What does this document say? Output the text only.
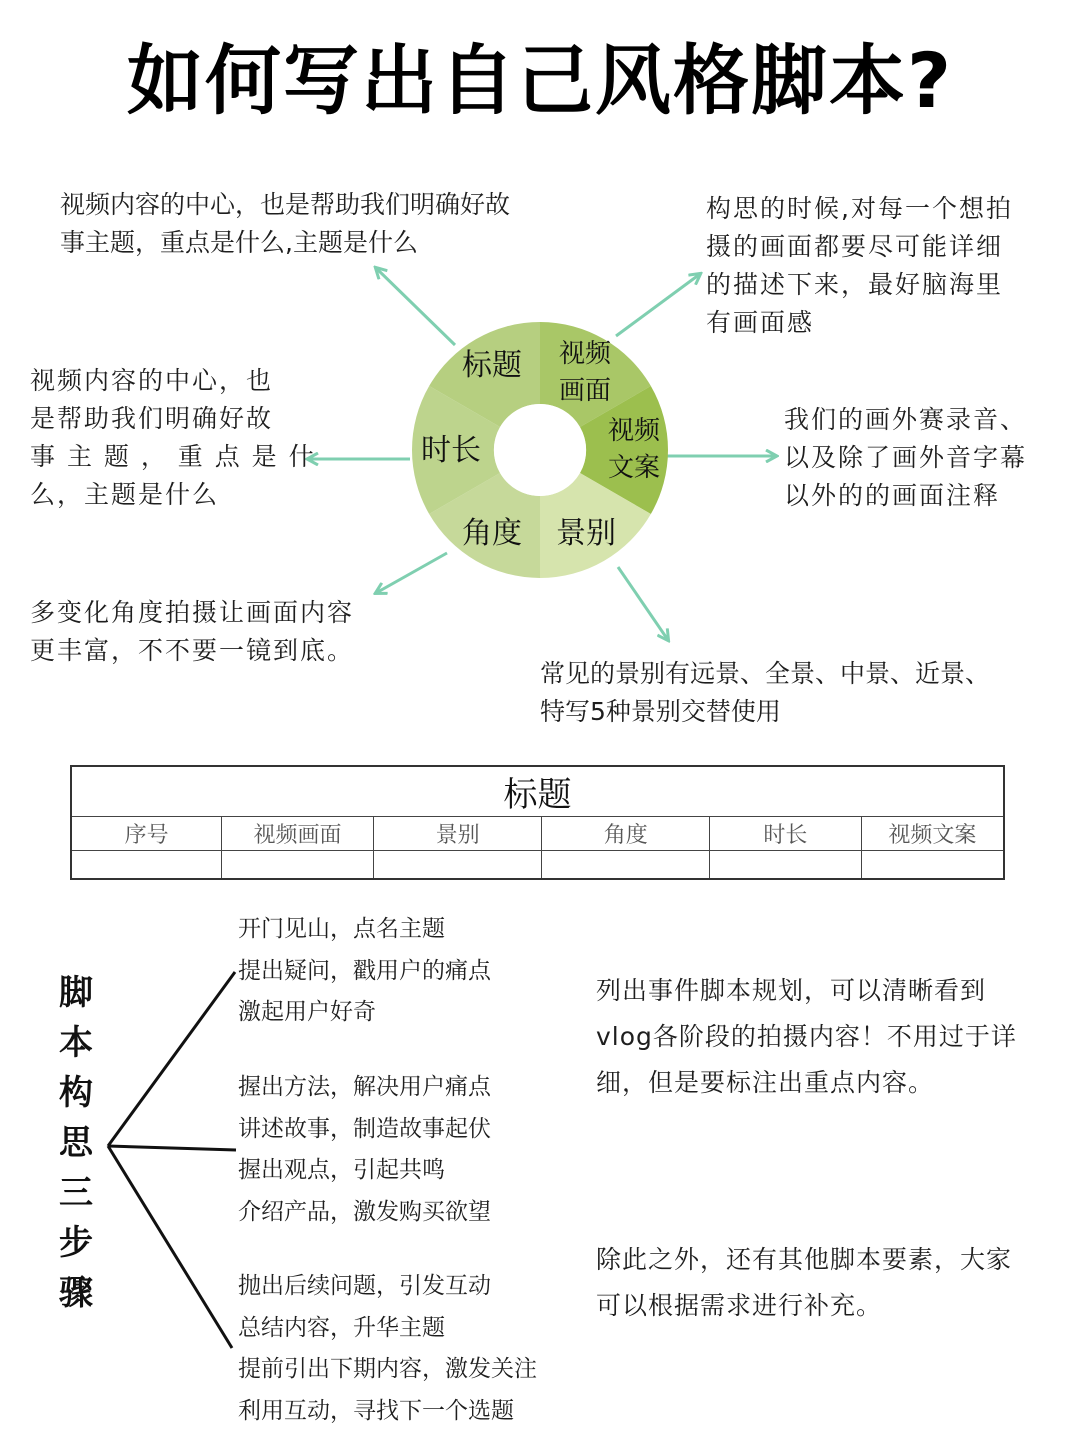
如何写出自己风格脚本?
标题	视频
画面
视频
文案
景别
角度
时长
视频内容的中心，也是帮助我们明确好故
事主题，重点是什么,主题是什么
构思的时候,对每一个想拍
摄的画面都要尽可能详细
的描述下来，最好脑海里
有画面感
视频内容的中心，也
是帮助我们明确好故
事 主 题 ， 重 点 是 什
么，主题是什么
我们的画外赛录音、
以及除了画外音字幕
以外的的画面注释
多变化角度拍摄让画面内容
更丰富，不不要一镜到底。
常见的景别有远景、全景、中景、近景、
特写5种景别交替使用
标题					
序号	视频画面	景别	角度	时长	视频文案

脚
本
构
思
三
步
骤
开门见山，点名主题
提出疑问，戳用户的痛点
激起用户好奇
握出方法，解决用户痛点
讲述故事，制造故事起伏
握出观点，引起共鸣
介绍产品，激发购买欲望
抛出后续问题，引发互动
总结内容，升华主题
提前引出下期内容，激发关注
利用互动，寻找下一个选题
列出事件脚本规划，可以清晰看到
vlog各阶段的拍摄内容！不用过于详
细，但是要标注出重点内容。
除此之外，还有其他脚本要素，大家
可以根据需求进行补充。
